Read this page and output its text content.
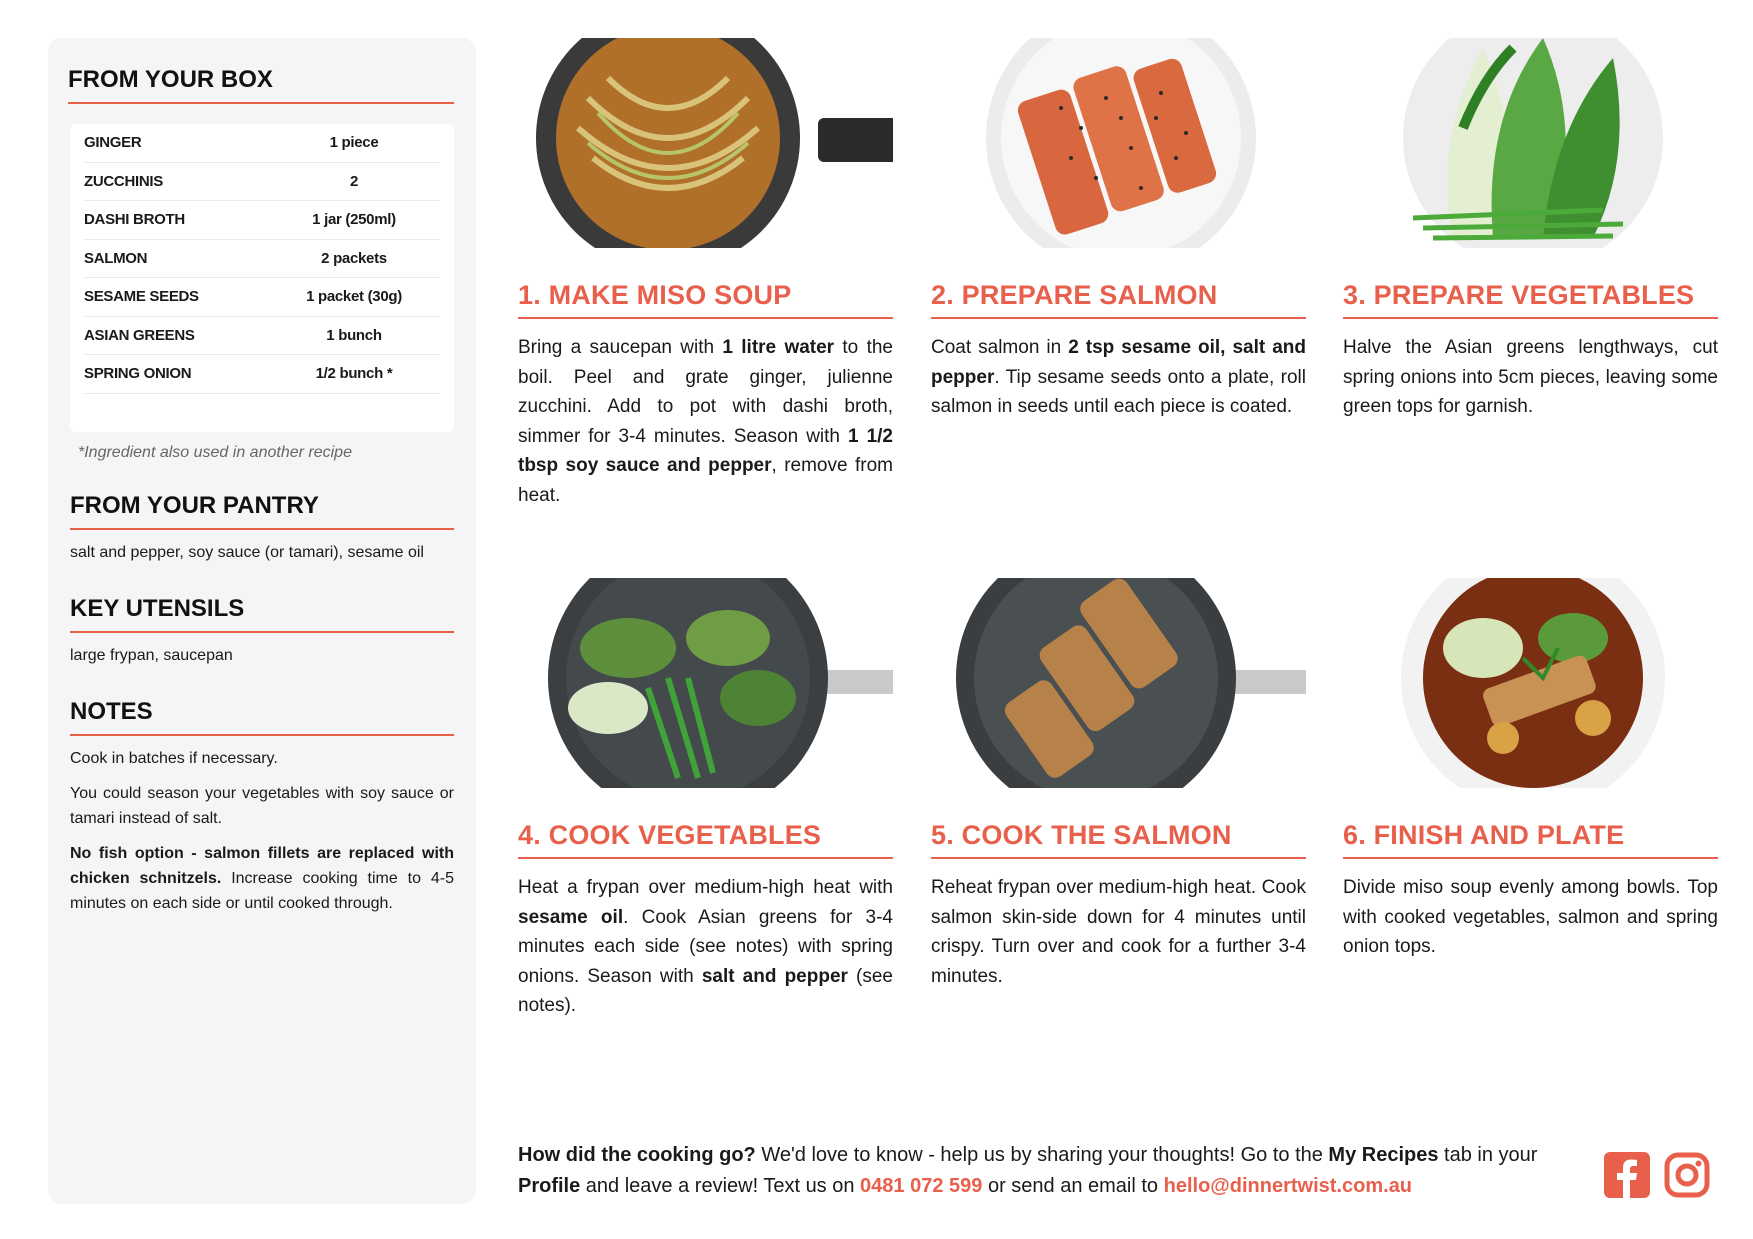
FROM YOUR BOX
GINGER	1 piece
ZUCCHINIS	2
DASHI BROTH	1 jar (250ml)
SALMON	2 packets
SESAME SEEDS	1 packet (30g)
ASIAN GREENS	1 bunch
SPRING ONION	1/2 bunch *
*Ingredient also used in another recipe
FROM YOUR PANTRY
salt and pepper, soy sauce (or tamari), sesame oil
KEY UTENSILS
large frypan, saucepan
NOTES

Cook in batches if necessary.

You could season your vegetables with soy sauce or tamari instead of salt.

No fish option - salmon fillets are replaced with chicken schnitzels. Increase cooking time to 4-5 minutes on each side or until cooked through.

1. MAKE MISO SOUP
Bring a saucepan with 1 litre water to the boil. Peel and grate ginger, julienne zucchini. Add to pot with dashi broth, simmer for 3-4 minutes. Season with 1 1/2 tbsp soy sauce and pepper, remove from heat.
2. PREPARE SALMON
Coat salmon in 2 tsp sesame oil, salt and pepper. Tip sesame seeds onto a plate, roll salmon in seeds until each piece is coated.
3. PREPARE VEGETABLES
Halve the Asian greens lengthways, cut spring onions into 5cm pieces, leaving some green tops for garnish.
4. COOK VEGETABLES
Heat a frypan over medium-high heat with sesame oil. Cook Asian greens for 3-4 minutes each side (see notes) with spring onions. Season with salt and pepper (see notes).
5. COOK THE SALMON
Reheat frypan over medium-high heat. Cook salmon skin-side down for 4 minutes until crispy. Turn over and cook for a further 3-4 minutes.
6. FINISH AND PLATE
Divide miso soup evenly among bowls. Top with cooked vegetables, salmon and spring onion tops.
How did the cooking go? We'd love to know - help us by sharing your thoughts! Go to the My Recipes tab in your Profile and leave a review! Text us on 0481 072 599 or send an email to hello@dinnertwist.com.au
